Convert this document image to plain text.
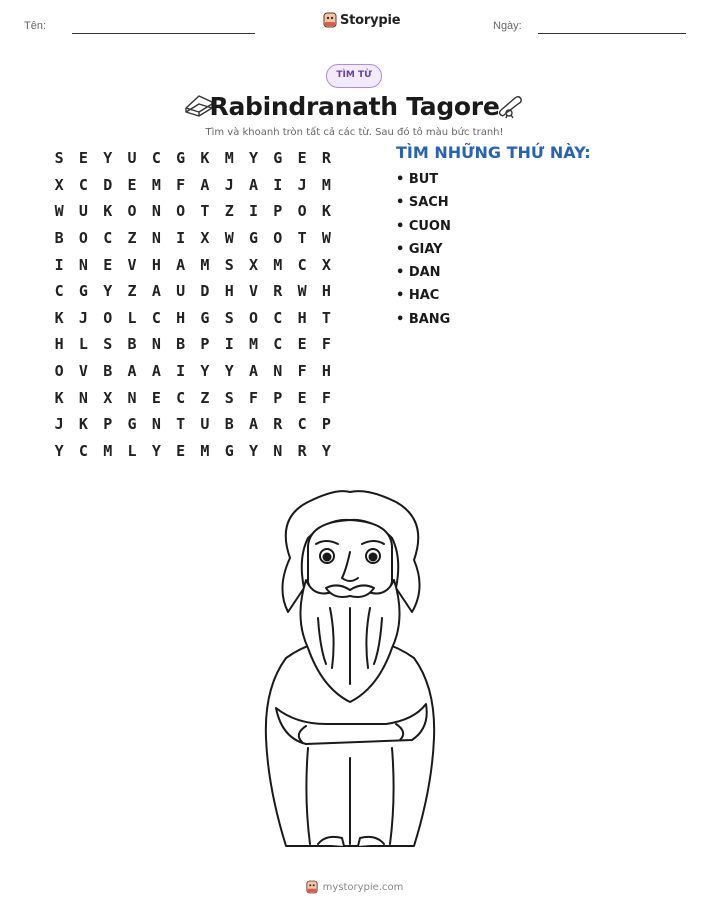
Tên:	Storypie	Ngày:
TÌM TỪ
Rabindranath Tagore
Tìm và khoanh tròn tất cả các từ. Sau đó tô màu bức tranh!
S	E	Y	U	C	G	K	M	Y	G	E	R
X	C	D	E	M	F	A	J	A	I	J	M
W	U	K	O	N	O	T	Z	I	P	O	K
B	O	C	Z	N	I	X	W	G	O	T	W
I	N	E	V	H	A	M	S	X	M	C	X
C	G	Y	Z	A	U	D	H	V	R	W	H
K	J	O	L	C	H	G	S	O	C	H	T
H	L	S	B	N	B	P	I	M	C	E	F
O	V	B	A	A	I	Y	Y	A	N	F	H
K	N	X	N	E	C	Z	S	F	P	E	F
J	K	P	G	N	T	U	B	A	R	C	P
Y	C	M	L	Y	E	M	G	Y	N	R	Y
TÌM NHỮNG THỨ NÀY:
• BUT
• SACH
• CUON
• GIAY
• DAN
• HAC
• BANG
mystorypie.com
